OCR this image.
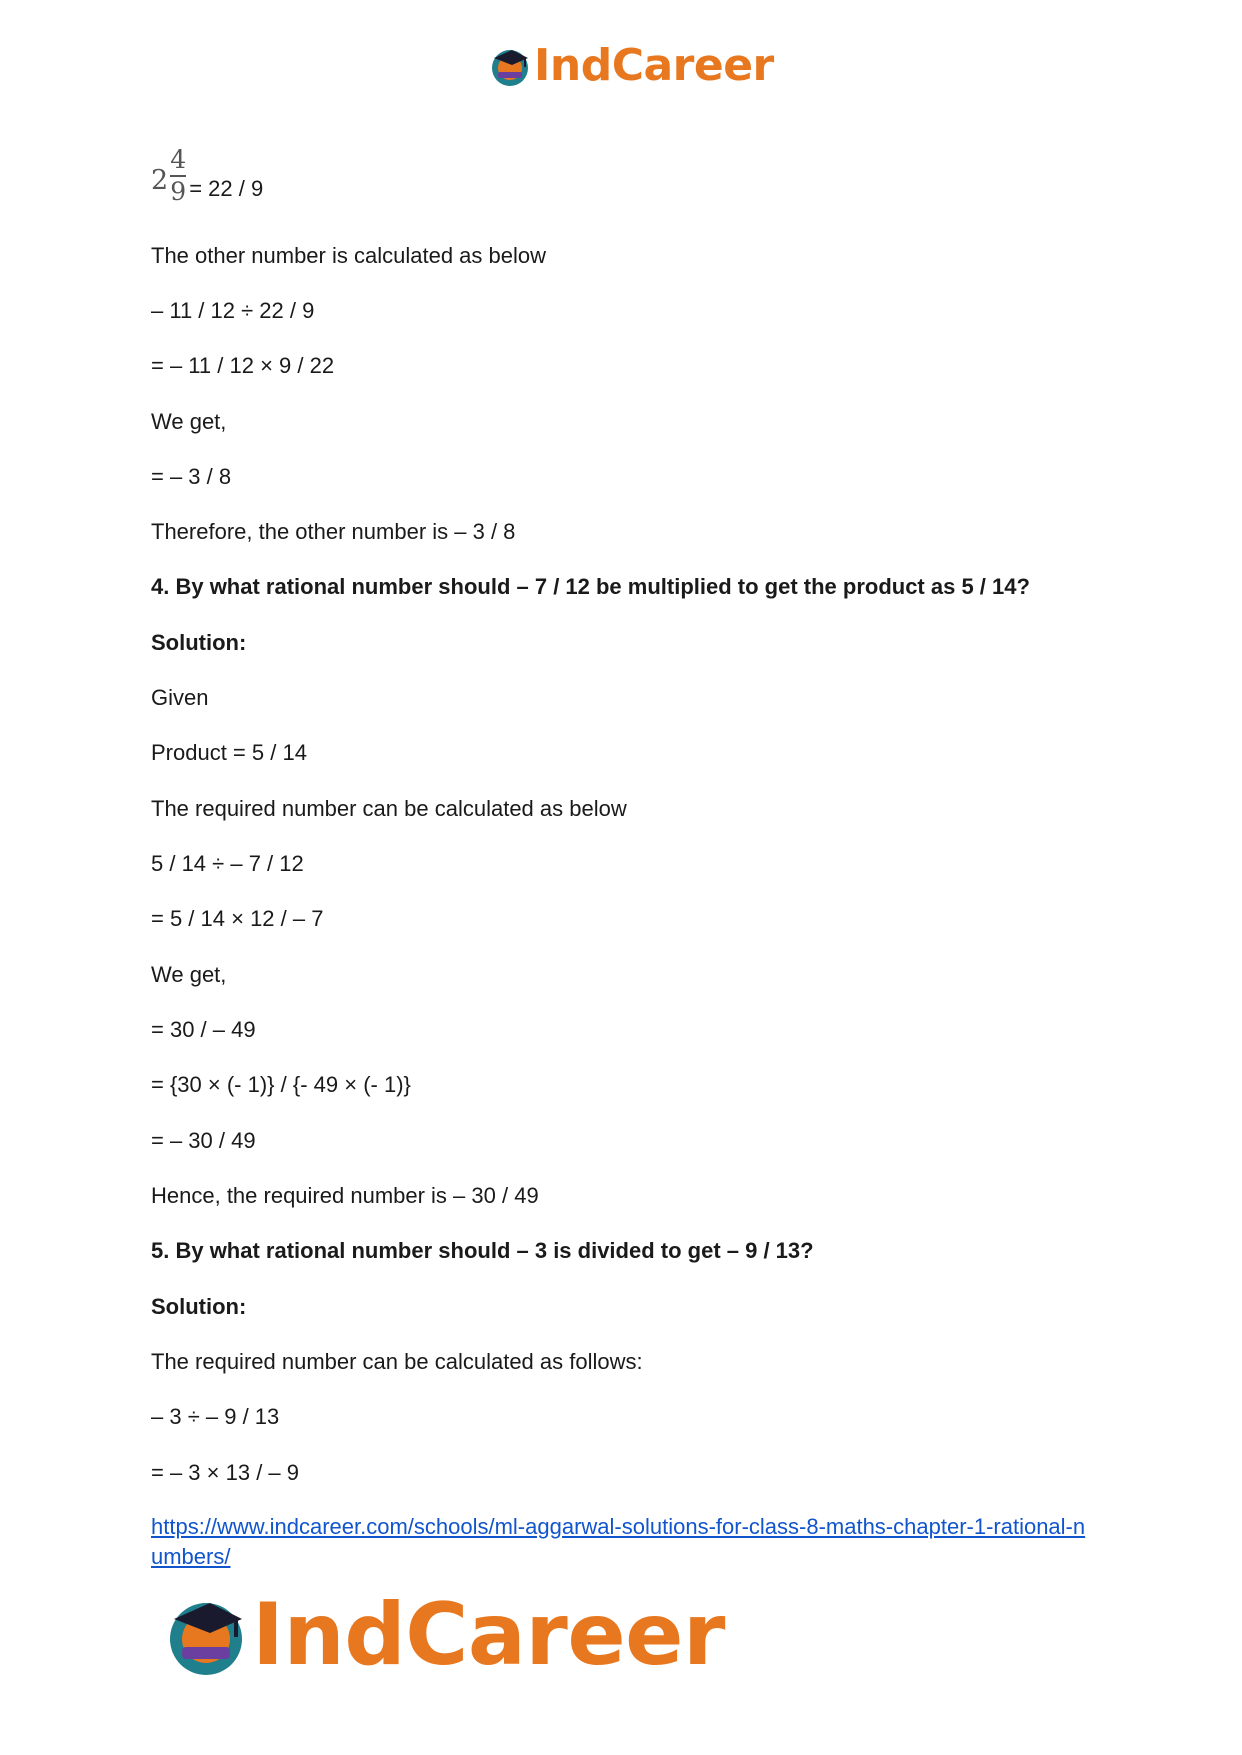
IndCareer
$2 \frac{4}{9} = 22 / 9$
The other number is calculated as below
– 11 / 12 ÷ 22 / 9
= – 11 / 12 × 9 / 22
We get,
= – 3 / 8
Therefore, the other number is – 3 / 8
4. By what rational number should – 7 / 12 be multiplied to get the product as 5 / 14?
Solution:
Given
Product = 5 / 14
The required number can be calculated as below
5 / 14 ÷ – 7 / 12
= 5 / 14 × 12 / – 7
We get,
= 30 / – 49
= {30 × (- 1)} / {- 49 × (- 1)}
= – 30 / 49
Hence, the required number is – 30 / 49
5. By what rational number should – 3 is divided to get – 9 / 13?
Solution:
The required number can be calculated as follows:
– 3 ÷ – 9 / 13
= – 3 × 13 / – 9
https://www.indcareer.com/schools/ml-aggarwal-solutions-for-class-8-maths-chapter-1-rational-numbers/
IndCareer
